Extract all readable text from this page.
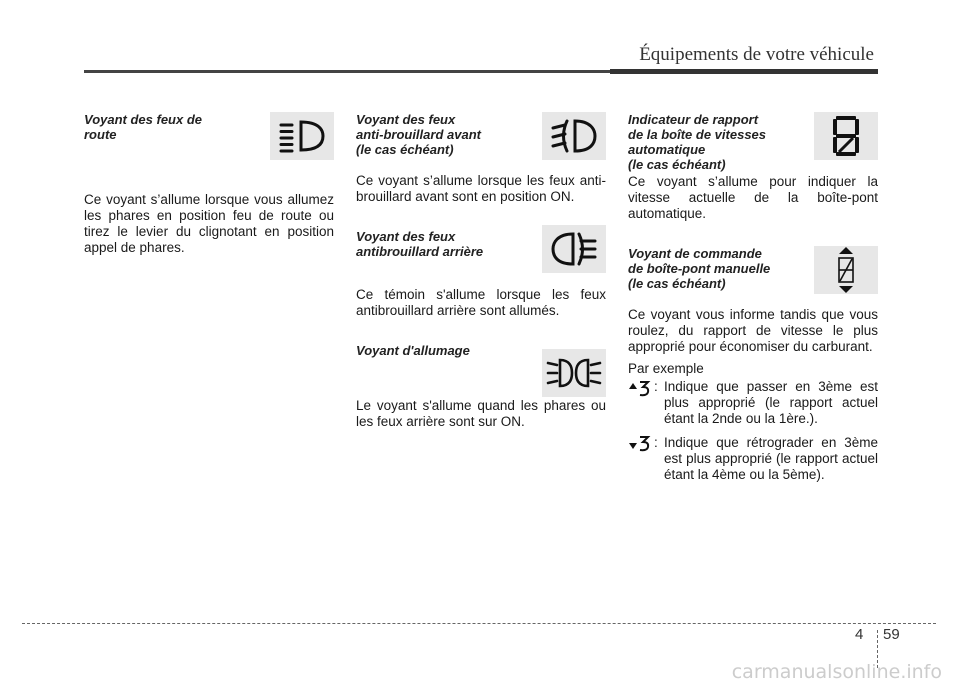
Équipements de votre véhicule
Voyant des feux de route

Ce voyant s’allume lorsque vous allumez les phares en position feu de route ou tirez le levier du clignotant en position appel de phares.

Voyant des feux
anti-brouillard avant
(le cas échéant)

Ce voyant s’allume lorsque les feux anti-brouillard avant sont en position ON.

Voyant des feux
antibrouillard arrière

Ce témoin s'allume lorsque les feux antibrouillard arrière sont allumés.

Voyant d'allumage

Le voyant s'allume quand les phares ou les feux arrière sont sur ON.

Indicateur de rapport
de la boîte de vitesses
automatique
(le cas échéant)

Ce voyant s’allume pour indiquer la vitesse actuelle de la boîte-pont automatique.

Voyant de commande
de boîte-pont manuelle
(le cas échéant)

Ce voyant vous informe tandis que vous roulez, du rapport de vitesse le plus approprié pour économiser du carburant.

Par exemple
: Indique que passer en 3ème est plus approprié (le rapport actuel étant la 2nde ou la 1ère.).
: Indique que rétrograder en 3ème est plus approprié (le rapport actuel étant la 4ème ou la 5ème).
4 59
carmanualsonline.info
